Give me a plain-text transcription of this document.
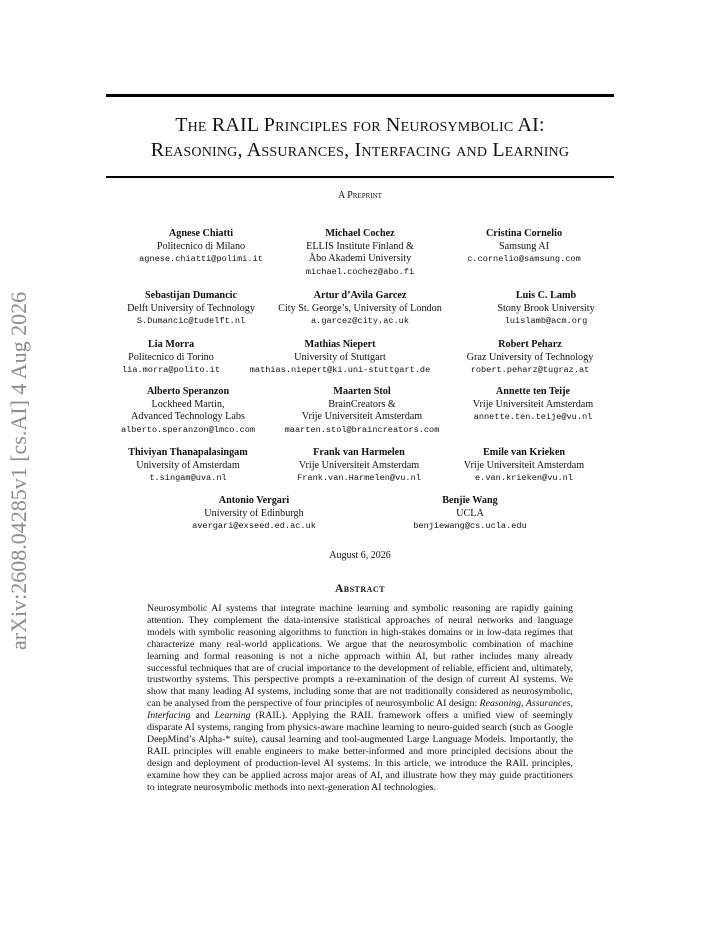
arXiv:2608.04285v1 [cs.AI] 4 Aug 2026
The RAIL Principles for Neurosymbolic AI:
Reasoning, Assurances, Interfacing and Learning
A Preprint
Agnese Chiatti
Politecnico di Milano
agnese.chiatti@polimi.it
Michael Cochez
ELLIS Institute Finland &
Åbo Akademi University
michael.cochez@abo.fi
Cristina Cornelio
Samsung AI
c.cornelio@samsung.com
Sebastijan Dumancic
Delft University of Technology
S.Dumancic@tudelft.nl
Artur d’Avila Garcez
City St. George’s, University of London
a.garcez@city.ac.uk
Luis C. Lamb
Stony Brook University
luislamb@acm.org
Lia Morra
Politecnico di Torino
lia.morra@polito.it
Mathias Niepert
University of Stuttgart
mathias.niepert@ki.uni-stuttgart.de
Robert Peharz
Graz University of Technology
robert.peharz@tugraz.at
Alberto Speranzon
Lockheed Martin,
Advanced Technology Labs
alberto.speranzon@lmco.com
Maarten Stol
BrainCreators &
Vrije Universiteit Amsterdam
maarten.stol@braincreators.com
Annette ten Teije
Vrije Universiteit Amsterdam
annette.ten.teije@vu.nl
Thiviyan Thanapalasingam
University of Amsterdam
t.singam@uva.nl
Frank van Harmelen
Vrije Universiteit Amsterdam
Frank.van.Harmelen@vu.nl
Emile van Krieken
Vrije Universiteit Amsterdam
e.van.krieken@vu.nl
Antonio Vergari
University of Edinburgh
avergari@exseed.ed.ac.uk
Benjie Wang
UCLA
benjiewang@cs.ucla.edu
August 6, 2026
Abstract
Neurosymbolic AI systems that integrate machine learning and symbolic reasoning are rapidly gaining attention. They complement the data-intensive statistical approaches of neural networks and language models with symbolic reasoning algorithms to function in high-stakes domains or in low-data regimes that characterize many real-world applications. We argue that the neurosymbolic combination of machine learning and formal reasoning is not a niche approach within AI, but rather includes many already successful techniques that are of crucial importance to the development of reliable, efficient and, ultimately, trustworthy systems. This perspective prompts a re-examination of the design of current AI systems. We show that many leading AI systems, including some that are not traditionally considered as neurosymbolic, can be analysed from the perspective of four principles of neurosymbolic AI design: Reasoning, Assurances, Interfacing and Learning (RAIL). Applying the RAIL framework offers a unified view of seemingly disparate AI systems, ranging from physics-aware machine learning to neuro-guided search (such as Google DeepMind’s Alpha-* suite), causal learning and tool-augmented Large Language Models. Importantly, the RAIL principles will enable engineers to make better-informed and more principled decisions about the design and deployment of production-level AI systems. In this article, we introduce the RAIL principles, examine how they can be applied across major areas of AI, and illustrate how they may guide practitioners to integrate neurosymbolic methods into next-generation AI technologies.
